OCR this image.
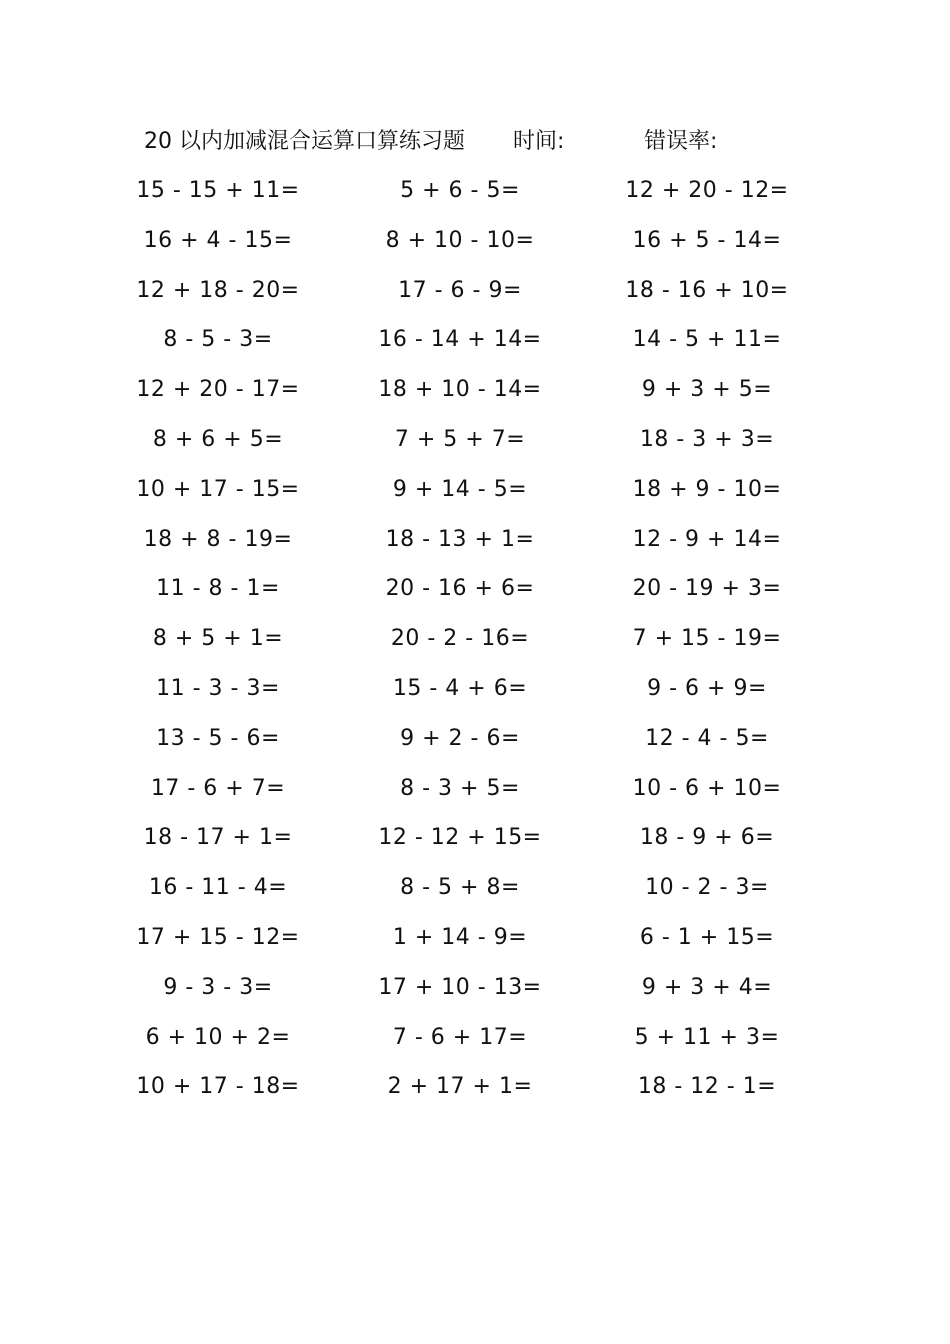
20 以内加减混合运算口算练习题 时间:	错误率:
15 - 15 + 11=
16 + 4 - 15=
12 + 18 - 20=
8 - 5 - 3=
12 + 20 - 17=
8 + 6 + 5=
10 + 17 - 15=
18 + 8 - 19=
11 - 8 - 1=
8 + 5 + 1=
11 - 3 - 3=
13 - 5 - 6=
17 - 6 + 7=
18 - 17 + 1=
16 - 11 - 4=
17 + 15 - 12=
9 - 3 - 3=
6 + 10 + 2=
10 + 17 - 18=
5 + 6 - 5=
8 + 10 - 10=
17 - 6 - 9=
16 - 14 + 14=
18 + 10 - 14=
7 + 5 + 7=
9 + 14 - 5=
18 - 13 + 1=
20 - 16 + 6=
20 - 2 - 16=
15 - 4 + 6=
9 + 2 - 6=
8 - 3 + 5=
12 - 12 + 15=
8 - 5 + 8=
1 + 14 - 9=
17 + 10 - 13=
7 - 6 + 17=
2 + 17 + 1=
12 + 20 - 12=
16 + 5 - 14=
18 - 16 + 10=
14 - 5 + 11=
9 + 3 + 5=
18 - 3 + 3=
18 + 9 - 10=
12 - 9 + 14=
20 - 19 + 3=
7 + 15 - 19=
9 - 6 + 9=
12 - 4 - 5=
10 - 6 + 10=
18 - 9 + 6=
10 - 2 - 3=
6 - 1 + 15=
9 + 3 + 4=
5 + 11 + 3=
18 - 12 - 1=
